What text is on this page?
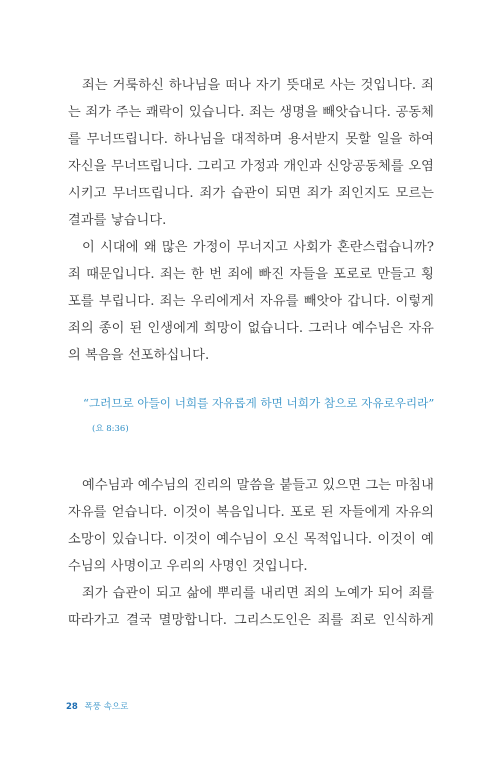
죄는 거룩하신 하나님을 떠나 자기 뜻대로 사는 것입니다. 죄
는 죄가 주는 쾌락이 있습니다. 죄는 생명을 빼앗습니다. 공동체
를 무너뜨립니다. 하나님을 대적하며 용서받지 못할 일을 하여
자신을 무너뜨립니다. 그리고 가정과 개인과 신앙공동체를 오염
시키고 무너뜨립니다. 죄가 습관이 되면 죄가 죄인지도 모르는
결과를 낳습니다.
이 시대에 왜 많은 가정이 무너지고 사회가 혼란스럽습니까?
죄 때문입니다. 죄는 한 번 죄에 빠진 자들을 포로로 만들고 횡
포를 부립니다. 죄는 우리에게서 자유를 빼앗아 갑니다. 이렇게
죄의 종이 된 인생에게 희망이 없습니다. 그러나 예수님은 자유
의 복음을 선포하십니다.
“그러므로 아들이 너희를 자유롭게 하면 너희가 참으로 자유로우리라”
(요 8:36)
예수님과 예수님의 진리의 말씀을 붙들고 있으면 그는 마침내
자유를 얻습니다. 이것이 복음입니다. 포로 된 자들에게 자유의
소망이 있습니다. 이것이 예수님이 오신 목적입니다. 이것이 예
수님의 사명이고 우리의 사명인 것입니다.
죄가 습관이 되고 삶에 뿌리를 내리면 죄의 노예가 되어 죄를
따라가고 결국 멸망합니다. 그리스도인은 죄를 죄로 인식하게
28 폭풍 속으로
